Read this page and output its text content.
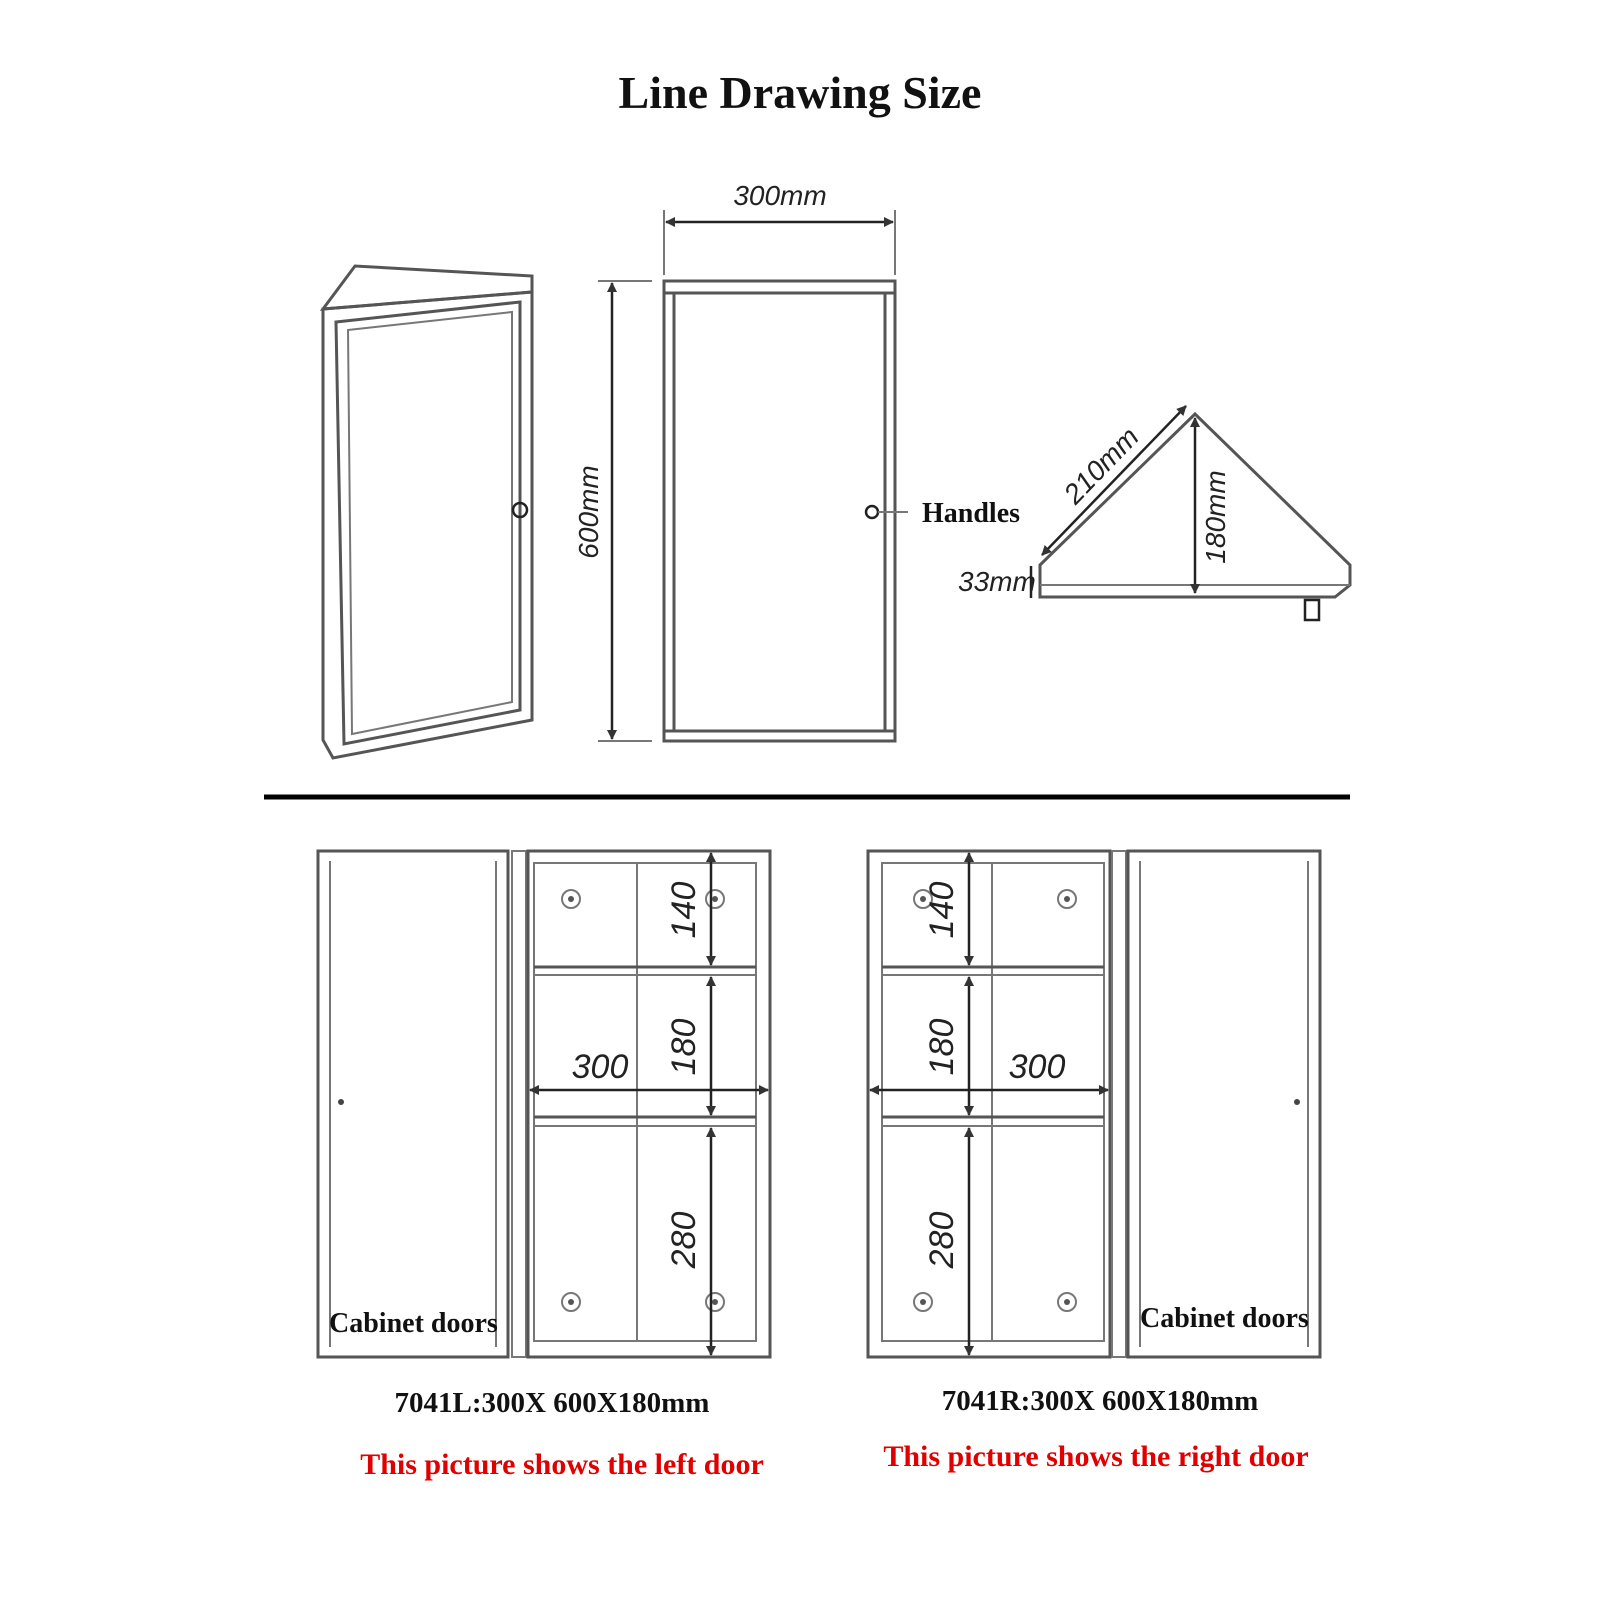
Line Drawing Size
300mm
600mm	Handles
210mm
180mm
33mm
140
180
280
300
Cabinet doors
7041L:300X 600X180mm
This picture shows the left door
140
180
280
300
Cabinet doors
7041R:300X 600X180mm
This picture shows the right door
